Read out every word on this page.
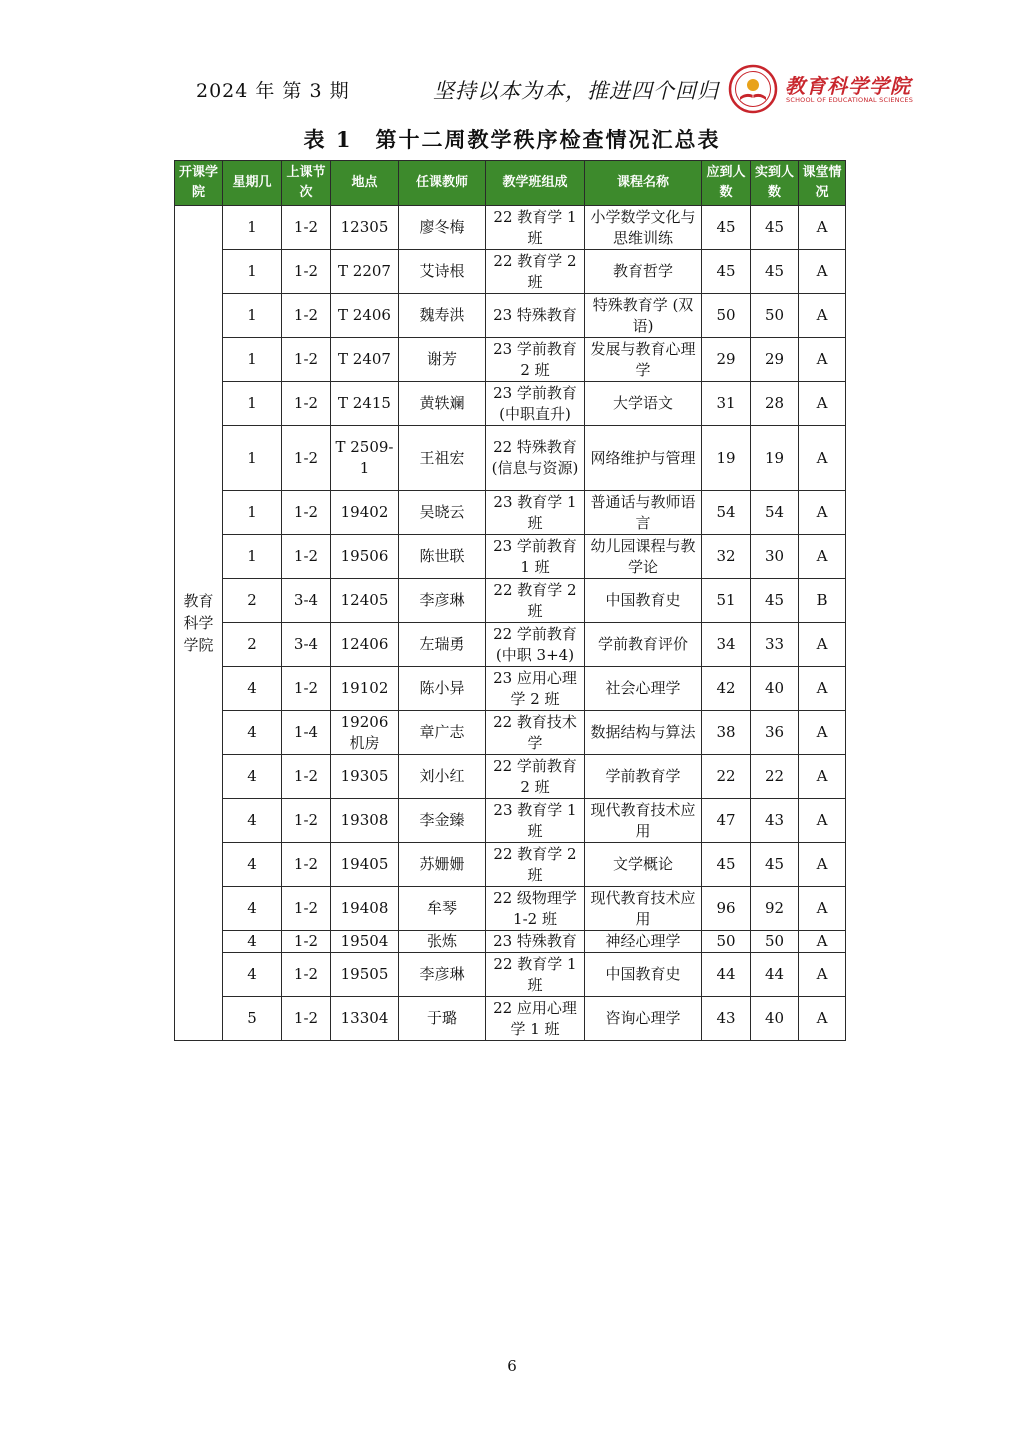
2024 年 第 3 期	坚持以本为本，推进四个回归	教育科学学院
SCHOOL OF EDUCATIONAL SCIENCES
表 1　第十二周教学秩序检查情况汇总表
开课学院	星期几	上课节次	地点	任课教师	教学班组成	课程名称	应到人数	实到人数	课堂情况
教育科学学院	1	1-2	12305	廖冬梅	22 教育学 1 班	小学数学文化与思维训练	45	45	A
	1	1-2	T 2207	艾诗根	22 教育学 2 班	教育哲学	45	45	A
	1	1-2	T 2406	魏寿洪	23 特殊教育	特殊教育学 (双语)	50	50	A
	1	1-2	T 2407	谢芳	23 学前教育 2 班	发展与教育心理学	29	29	A
	1	1-2	T 2415	黄轶斓	23 学前教育 (中职直升)	大学语文	31	28	A
	1	1-2	T 2509-1	王祖宏	22 特殊教育 (信息与资源)	网络维护与管理	19	19	A
	1	1-2	19402	吴晓云	23 教育学 1 班	普通话与教师语言	54	54	A
	1	1-2	19506	陈世联	23 学前教育 1 班	幼儿园课程与教学论	32	30	A
	2	3-4	12405	李彦琳	22 教育学 2 班	中国教育史	51	45	B
	2	3-4	12406	左瑞勇	22 学前教育 (中职 3+4)	学前教育评价	34	33	A
	4	1-2	19102	陈小异	23 应用心理学 2 班	社会心理学	42	40	A
	4	1-4	19206 机房	章广志	22 教育技术学	数据结构与算法	38	36	A
	4	1-2	19305	刘小红	22 学前教育 2 班	学前教育学	22	22	A
	4	1-2	19308	李金臻	23 教育学 1 班	现代教育技术应用	47	43	A
	4	1-2	19405	苏姗姗	22 教育学 2 班	文学概论	45	45	A
	4	1-2	19408	牟琴	22 级物理学 1-2 班	现代教育技术应用	96	92	A
	4	1-2	19504	张炼	23 特殊教育	神经心理学	50	50	A
	4	1-2	19505	李彦琳	22 教育学 1 班	中国教育史	44	44	A
	5	1-2	13304	于璐	22 应用心理学 1 班	咨询心理学	43	40	A
6
